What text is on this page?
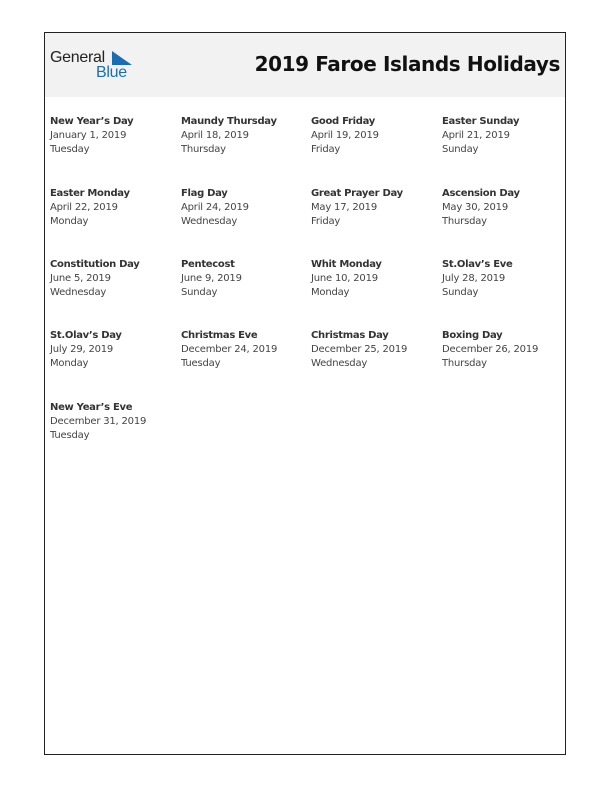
General
Blue	2019 Faroe Islands Holidays
New Year’s Day
January 1, 2019
Tuesday
Maundy Thursday
April 18, 2019
Thursday
Good Friday
April 19, 2019
Friday
Easter Sunday
April 21, 2019
Sunday
Easter Monday
April 22, 2019
Monday
Flag Day
April 24, 2019
Wednesday
Great Prayer Day
May 17, 2019
Friday
Ascension Day
May 30, 2019
Thursday
Constitution Day
June 5, 2019
Wednesday
Pentecost
June 9, 2019
Sunday
Whit Monday
June 10, 2019
Monday
St.Olav’s Eve
July 28, 2019
Sunday
St.Olav’s Day
July 29, 2019
Monday
Christmas Eve
December 24, 2019
Tuesday
Christmas Day
December 25, 2019
Wednesday
Boxing Day
December 26, 2019
Thursday
New Year’s Eve
December 31, 2019
Tuesday
